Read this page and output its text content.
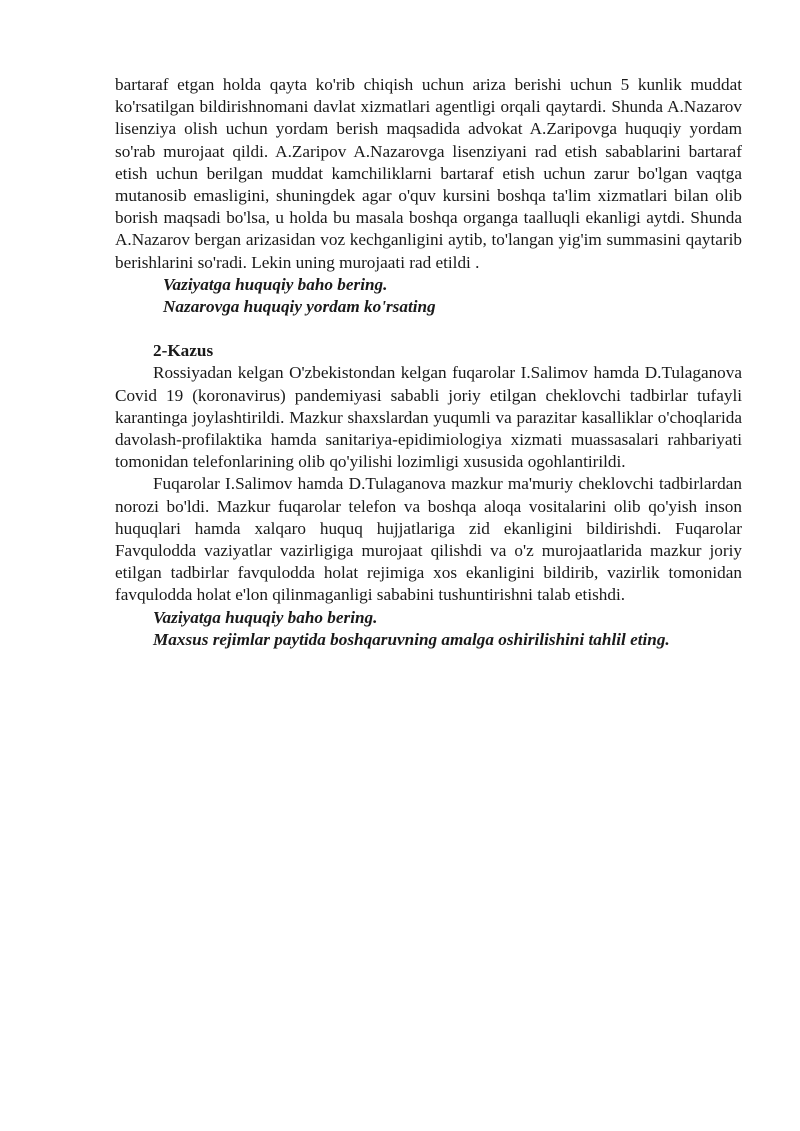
bartaraf etgan holda qayta ko'rib chiqish uchun ariza berishi uchun 5 kunlik muddat ko'rsatilgan bildirishnomani davlat xizmatlari agentligi orqali qaytardi. Shunda A.Nazarov lisenziya olish uchun yordam berish maqsadida advokat A.Zaripovga huquqiy yordam so'rab murojaat qildi. A.Zaripov A.Nazarovga lisenziyani rad etish sabablarini bartaraf etish uchun berilgan muddat kamchiliklarni bartaraf etish uchun zarur bo'lgan vaqtga mutanosib emasligini, shuningdek agar o'quv kursini boshqa ta'lim xizmatlari bilan olib borish maqsadi bo'lsa, u holda bu masala boshqa organga taalluqli ekanligi aytdi. Shunda A.Nazarov bergan arizasidan voz kechganligini aytib, to'langan yig'im summasini qaytarib berishlarini so'radi. Lekin uning murojaati rad etildi .

Vaziyatga huquqiy baho bering.

Nazarovga huquqiy yordam ko'rsating

2-Kazus

Rossiyadan kelgan O'zbekistondan kelgan fuqarolar I.Salimov hamda D.Tulaganova Covid 19 (koronavirus) pandemiyasi sababli joriy etilgan cheklovchi tadbirlar tufayli karantinga joylashtirildi. Mazkur shaxslardan yuqumli va parazitar kasalliklar o'choqlarida davolash-profilaktika hamda sanitariya-epidimiologiya xizmati muassasalari rahbariyati tomonidan telefonlarining olib qo'yilishi lozimligi xususida ogohlantirildi.

Fuqarolar I.Salimov hamda D.Tulaganova mazkur ma'muriy cheklovchi tadbirlardan norozi bo'ldi. Mazkur fuqarolar telefon va boshqa aloqa vositalarini olib qo'yish inson huquqlari hamda xalqaro huquq hujjatlariga zid ekanligini bildirishdi. Fuqarolar Favqulodda vaziyatlar vazirligiga murojaat qilishdi va o'z murojaatlarida mazkur joriy etilgan tadbirlar favqulodda holat rejimiga xos ekanligini bildirib, vazirlik tomonidan favqulodda holat e'lon qilinmaganligi sababini tushuntirishni talab etishdi.

Vaziyatga huquqiy baho bering.

Maxsus rejimlar paytida boshqaruvning amalga oshirilishini tahlil eting.
